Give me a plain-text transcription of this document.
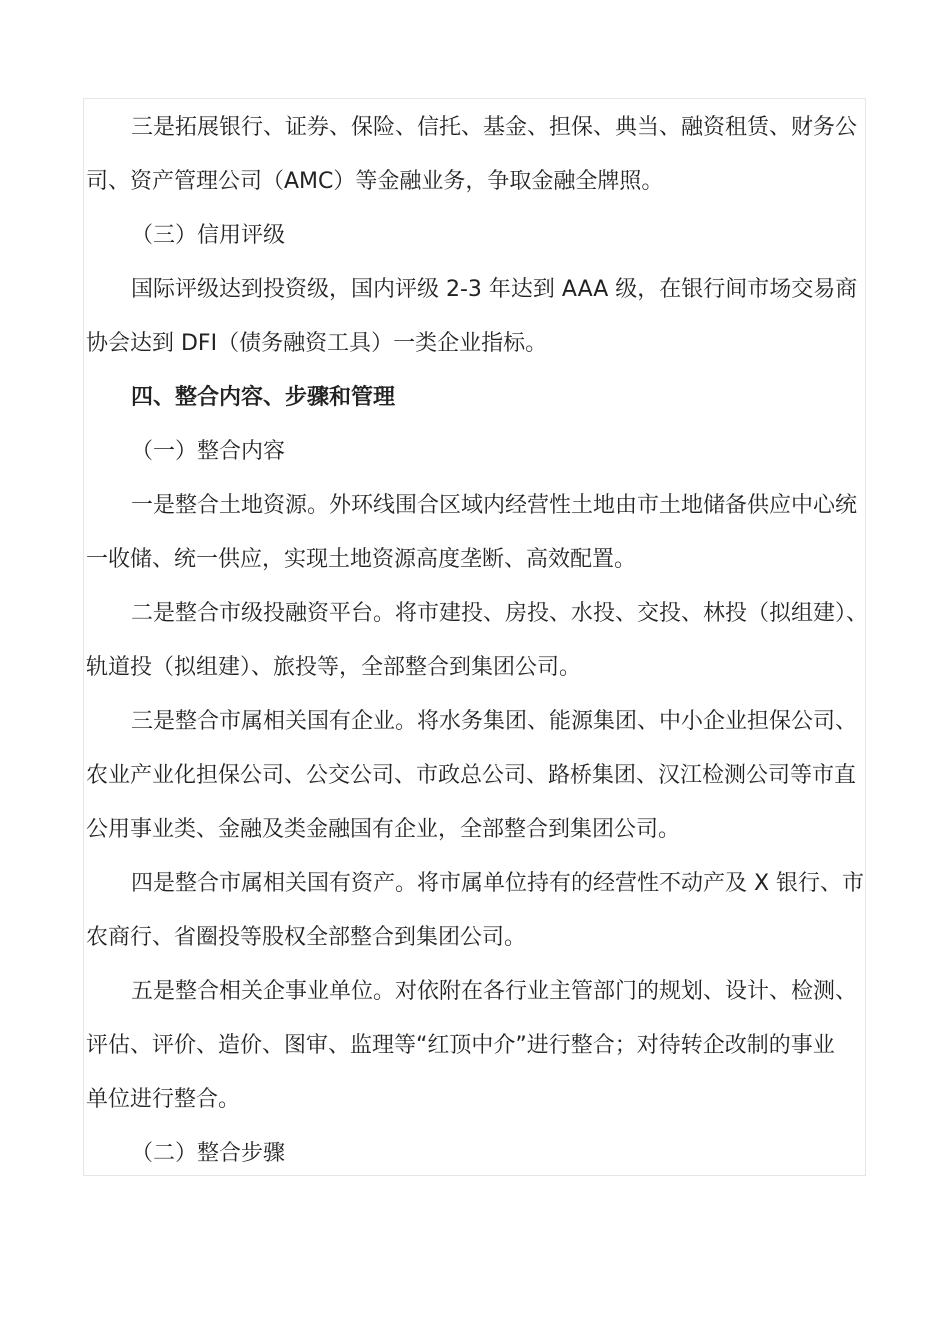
三是拓展银行、证券、保险、信托、基金、担保、典当、融资租赁、财务公
司、资产管理公司（AMC）等金融业务，争取金融全牌照。
（三）信用评级
国际评级达到投资级，国内评级 2-3 年达到 AAA 级，在银行间市场交易商
协会达到 DFI（债务融资工具）一类企业指标。
四、整合内容、步骤和管理
（一）整合内容
一是整合土地资源。外环线围合区域内经营性土地由市土地储备供应中心统
一收储、统一供应，实现土地资源高度垄断、高效配置。
二是整合市级投融资平台。将市建投、房投、水投、交投、林投（拟组建）、
轨道投（拟组建）、旅投等，全部整合到集团公司。
三是整合市属相关国有企业。将水务集团、能源集团、中小企业担保公司、
农业产业化担保公司、公交公司、市政总公司、路桥集团、汉江检测公司等市直
公用事业类、金融及类金融国有企业，全部整合到集团公司。
四是整合市属相关国有资产。将市属单位持有的经营性不动产及 X 银行、市
农商行、省圈投等股权全部整合到集团公司。
五是整合相关企事业单位。对依附在各行业主管部门的规划、设计、检测、
评估、评价、造价、图审、监理等“红顶中介”进行整合；对待转企改制的事业
单位进行整合。
（二）整合步骤
